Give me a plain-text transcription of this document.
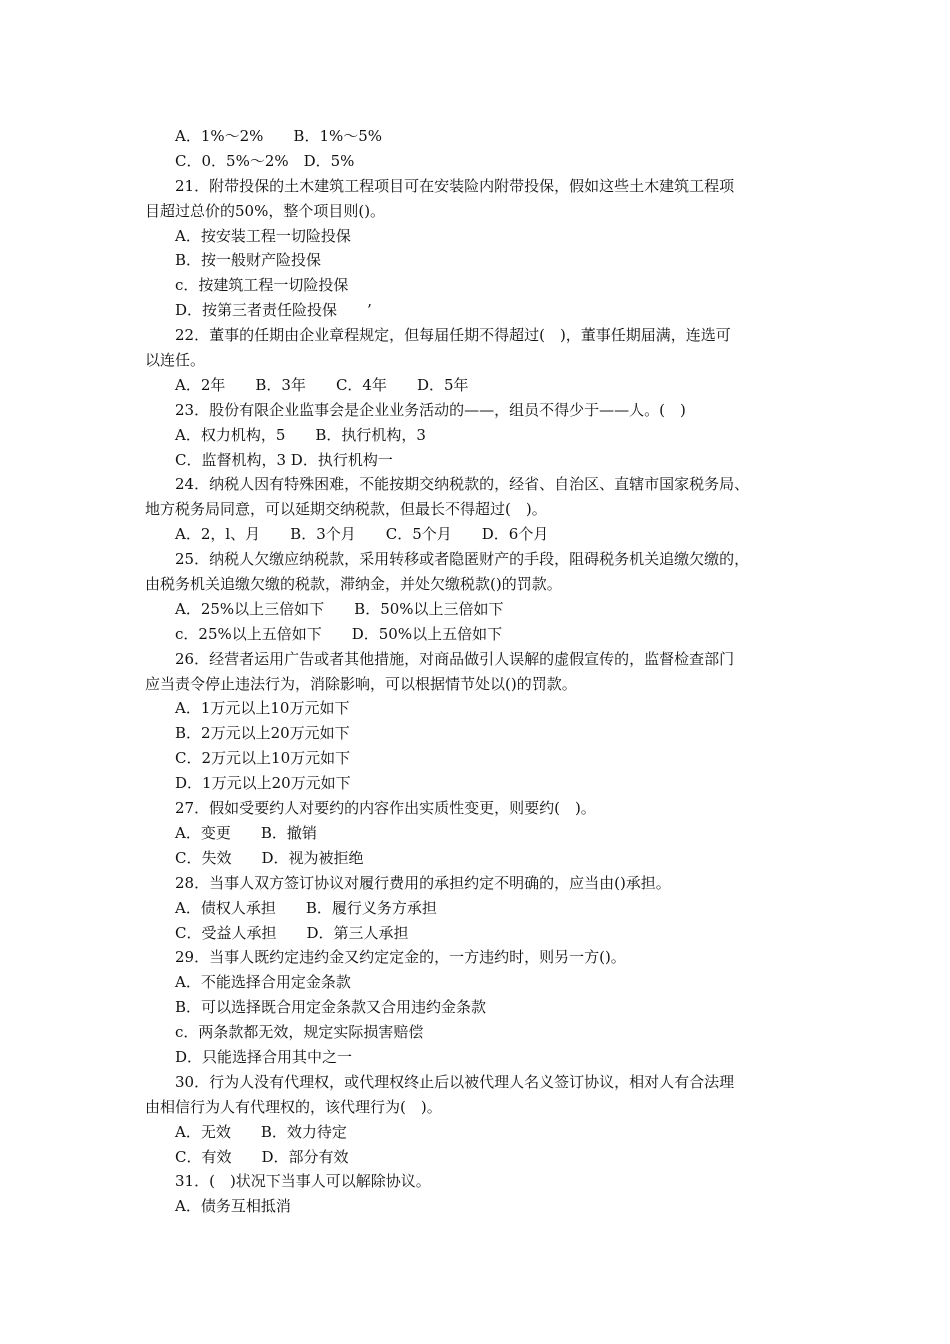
A．1%～2%　　B．1%～5%
C．0．5%～2%　D．5%
21．附带投保的土木建筑工程项目可在安装险内附带投保，假如这些土木建筑工程项
目超过总价的50%，整个项目则()。
A．按安装工程一切险投保
B．按一般财产险投保
c．按建筑工程一切险投保
D．按第三者责任险投保　　’
22．董事的任期由企业章程规定，但每届任期不得超过(　)，董事任期届满，连选可
以连任。
A．2年　　B．3年　　C．4年　　D．5年
23．股份有限企业监事会是企业业务活动的——，组员不得少于——人。(　)
A．权力机构，5　　B．执行机构，3
C．监督机构，3 D．执行机构一
24．纳税人因有特殊困难，不能按期交纳税款的，经省、自治区、直辖市国家税务局、
地方税务局同意，可以延期交纳税款，但最长不得超过(　)。
A．2，l、月　　B．3个月　　C．5个月　　D．6个月
25．纳税人欠缴应纳税款，采用转移或者隐匿财产的手段，阻碍税务机关追缴欠缴的，
由税务机关追缴欠缴的税款，滞纳金，并处欠缴税款()的罚款。
A．25%以上三倍如下　　B．50%以上三倍如下
c．25%以上五倍如下　　D．50%以上五倍如下
26．经营者运用广告或者其他措施，对商品做引人误解的虚假宣传的，监督检查部门
应当责令停止违法行为，消除影响，可以根据情节处以()的罚款。
A．1万元以上10万元如下
B．2万元以上20万元如下
C．2万元以上10万元如下
D．1万元以上20万元如下
27．假如受要约人对要约的内容作出实质性变更，则要约(　)。
A．变更　　B．撤销
C．失效　　D．视为被拒绝
28．当事人双方签订协议对履行费用的承担约定不明确的，应当由()承担。
A．债权人承担　　B．履行义务方承担
C．受益人承担　　D．第三人承担
29．当事人既约定违约金又约定定金的，一方违约时，则另一方()。
A．不能选择合用定金条款
B．可以选择既合用定金条款又合用违约金条款
c．两条款都无效，规定实际损害赔偿
D．只能选择合用其中之一
30．行为人没有代理权，或代理权终止后以被代理人名义签订协议，相对人有合法理
由相信行为人有代理权的，该代理行为(　)。
A．无效　　B．效力待定
C．有效　　D．部分有效
31．(　)状况下当事人可以解除协议。
A．债务互相抵消
